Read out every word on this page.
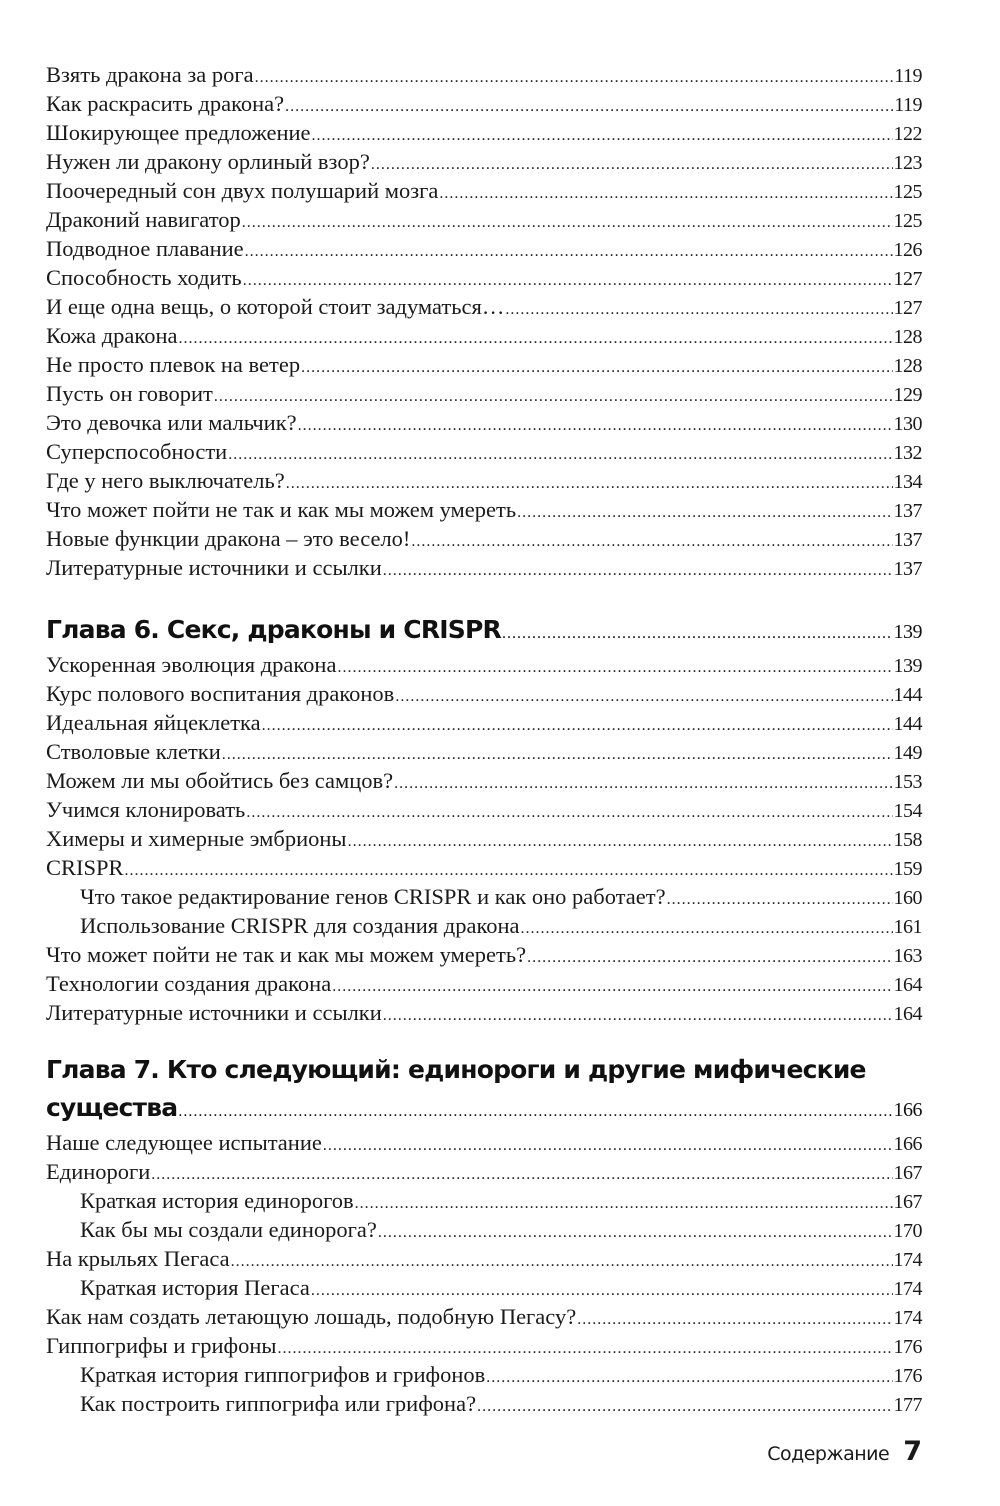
Взять дракона за рога .....	119
Как раскрасить дракона? .....	119
Шокирующее предложение .....	122
Нужен ли дракону орлиный взор? .....	123
Поочередный сон двух полушарий мозга .....	125
Драконий навигатор .....	125
Подводное плавание .....	126
Способность ходить .....	127
И еще одна вещь, о которой стоит задуматься… .....	127
Кожа дракона .....	128
Не просто плевок на ветер .....	128
Пусть он говорит .....	129
Это девочка или мальчик? .....	130
Суперспособности .....	132
Где у него выключатель? .....	134
Что может пойти не так и как мы можем умереть .....	137
Новые функции дракона – это весело! .....	137
Литературные источники и ссылки .....	137
Глава 6. Секс, драконы и CRISPR .....	139
Ускоренная эволюция дракона .....	139
Курс полового воспитания драконов .....	144
Идеальная яйцеклетка .....	144
Стволовые клетки .....	149
Можем ли мы обойтись без самцов? .....	153
Учимся клонировать .....	154
Химеры и химерные эмбрионы .....	158
CRISPR .....	159
Что такое редактирование генов CRISPR и как оно работает? .....	160
Использование CRISPR для создания дракона .....	161
Что может пойти не так и как мы можем умереть? .....	163
Технологии создания дракона .....	164
Литературные источники и ссылки .....	164
Глава 7. Кто следующий: единороги и другие мифические
существа .....	166
Наше следующее испытание .....	166
Единороги .....	167
Краткая история единорогов .....	167
Как бы мы создали единорога? .....	170
На крыльях Пегаса .....	174
Краткая история Пегаса .....	174
Как нам создать летающую лошадь, подобную Пегасу? .....	174
Гиппогрифы и грифоны .....	176
Краткая история гиппогрифов и грифонов .....	176
Как построить гиппогрифа или грифона? .....	177
Содержание 7
